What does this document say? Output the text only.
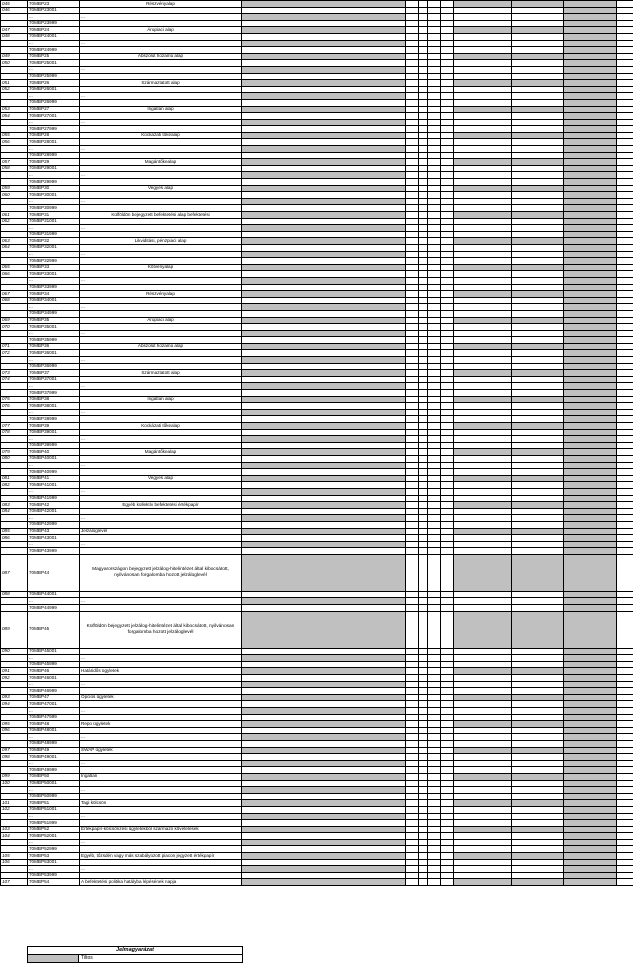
045	70MBP23	Részvényalap									
046	70MBP23001										
	...	...									
	70MBP23999										
047	70MBP24	Árupiaci alap									
048	70MBP24001										
	...	...									
	70MBP24999										
049	70MBP25	Abszolút hozamú alap									
050	70MBP25001										
	...	...									
	70MBP25999										
051	70MBP26	Származtatott alap									
052	70MBP26001										
	...	...									
	70MBP26999										
053	70MBP27	Ingatlan alap									
054	70MBP27001										
	...	...									
	70MBP27999										
055	70MBP28	Kockázati tőkealap									
056	70MBP28001										
	...	...									
	70MBP28999										
057	70MBP29	Magántőkealap									
058	70MBP29001										
	...	...									
	70MBP29999										
059	70MBP30	Vegyes alap									
060	70MBP30001										
	...	...									
	70MBP30999										
061	70MBP31	Külföldön bejegyzett befektetési alap befektetési									
062	70MBP31001										
	...	...									
	70MBP31999										
063	70MBP32	Likviditási, pénzpiaci alap									
064	70MBP32001										
	...	...									
	70MBP32999										
065	70MBP33	Kötvényalap									
066	70MBP33001										
	...	...									
	70MBP33999										
067	70MBP34	Részvényalap									
068	70MBP34001										
	...	...									
	70MBP34999										
069	70MBP35	Árupiaci alap									
070	70MBP35001										
	...	...									
	70MBP35999										
071	70MBP36	Abszolút hozamú alap									
072	70MBP36001										
	...	...									
	70MBP36999										
073	70MBP37	Származtatott alap									
074	70MBP37001										
	...	...									
	70MBP37999										
075	70MBP38	Ingatlan alap									
076	70MBP38001										
	...	...									
	70MBP38999										
077	70MBP39	Kockázati tőkealap									
078	70MBP39001										
	...	...									
	70MBP39999										
079	70MBP40	Magántőkealap									
080	70MBP40001										
	...	...									
	70MBP40999										
081	70MBP41	Vegyes alap									
082	70MBP41001										
	...	...									
	70MBP41999										
083	70MBP42	Egyéb kollektív befektetési értékpapír									
084	70MBP42001										
	...	...									
	70MBP42999										
085	70MBP43	Jelzáloglevél									
086	70MBP43001										
	...	...									
	70MBP43999										
087	70MBP44	Magyarországon bejegyzett jelzálog-hitelintézet által kibocsátott, nyilvánosan forgalomba hozott jelzáloglevél									
088	70MBP44001										
	...	...									
	70MBP44999										
089	70MBP45	Külföldön bejegyzett jelzálog-hitelintézet által kibocsátott, nyilvánosan forgalomba hozott jelzáloglevél									
090	70MBP45001										
	...	...									
	70MBP45999										
091	70MBP46	Határidős ügyletek									
092	70MBP46001										
	...	...									
	70MBP46999										
093	70MBP47	Opciós ügyletek									
094	70MBP47001										
	...	...									
	70MBP47999										
095	70MBP48	Repo ügyletek									
096	70MBP48001										
	...	...									
	70MBP48999										
097	70MBP49	SWAP ügyletek									
098	70MBP49001										
	...	...									
	70MBP49999										
099	70MBP50	Ingatlan									
100	70MBP50001										
	...	...									
	70MBP50999										
101	70MBP51	Tagi kölcsön									
102	70MBP51001										
	...	...									
	70MBP51999										
103	70MBP52	Értékpapír-kölcsönzési ügyletekből származó követelések									
104	70MBP52001										
	...	...									
	70MBP52999										
105	70MBP53	Egyéb, tőzsdén vagy más szabályozott piacon jegyzett értékpapír									
106	70MBP53001										
	...	...									
	70MBP53999										
107	70MBP54	A befektetési politika hatályba lépésének napja									
Jelmagyarázat
Tiltos
